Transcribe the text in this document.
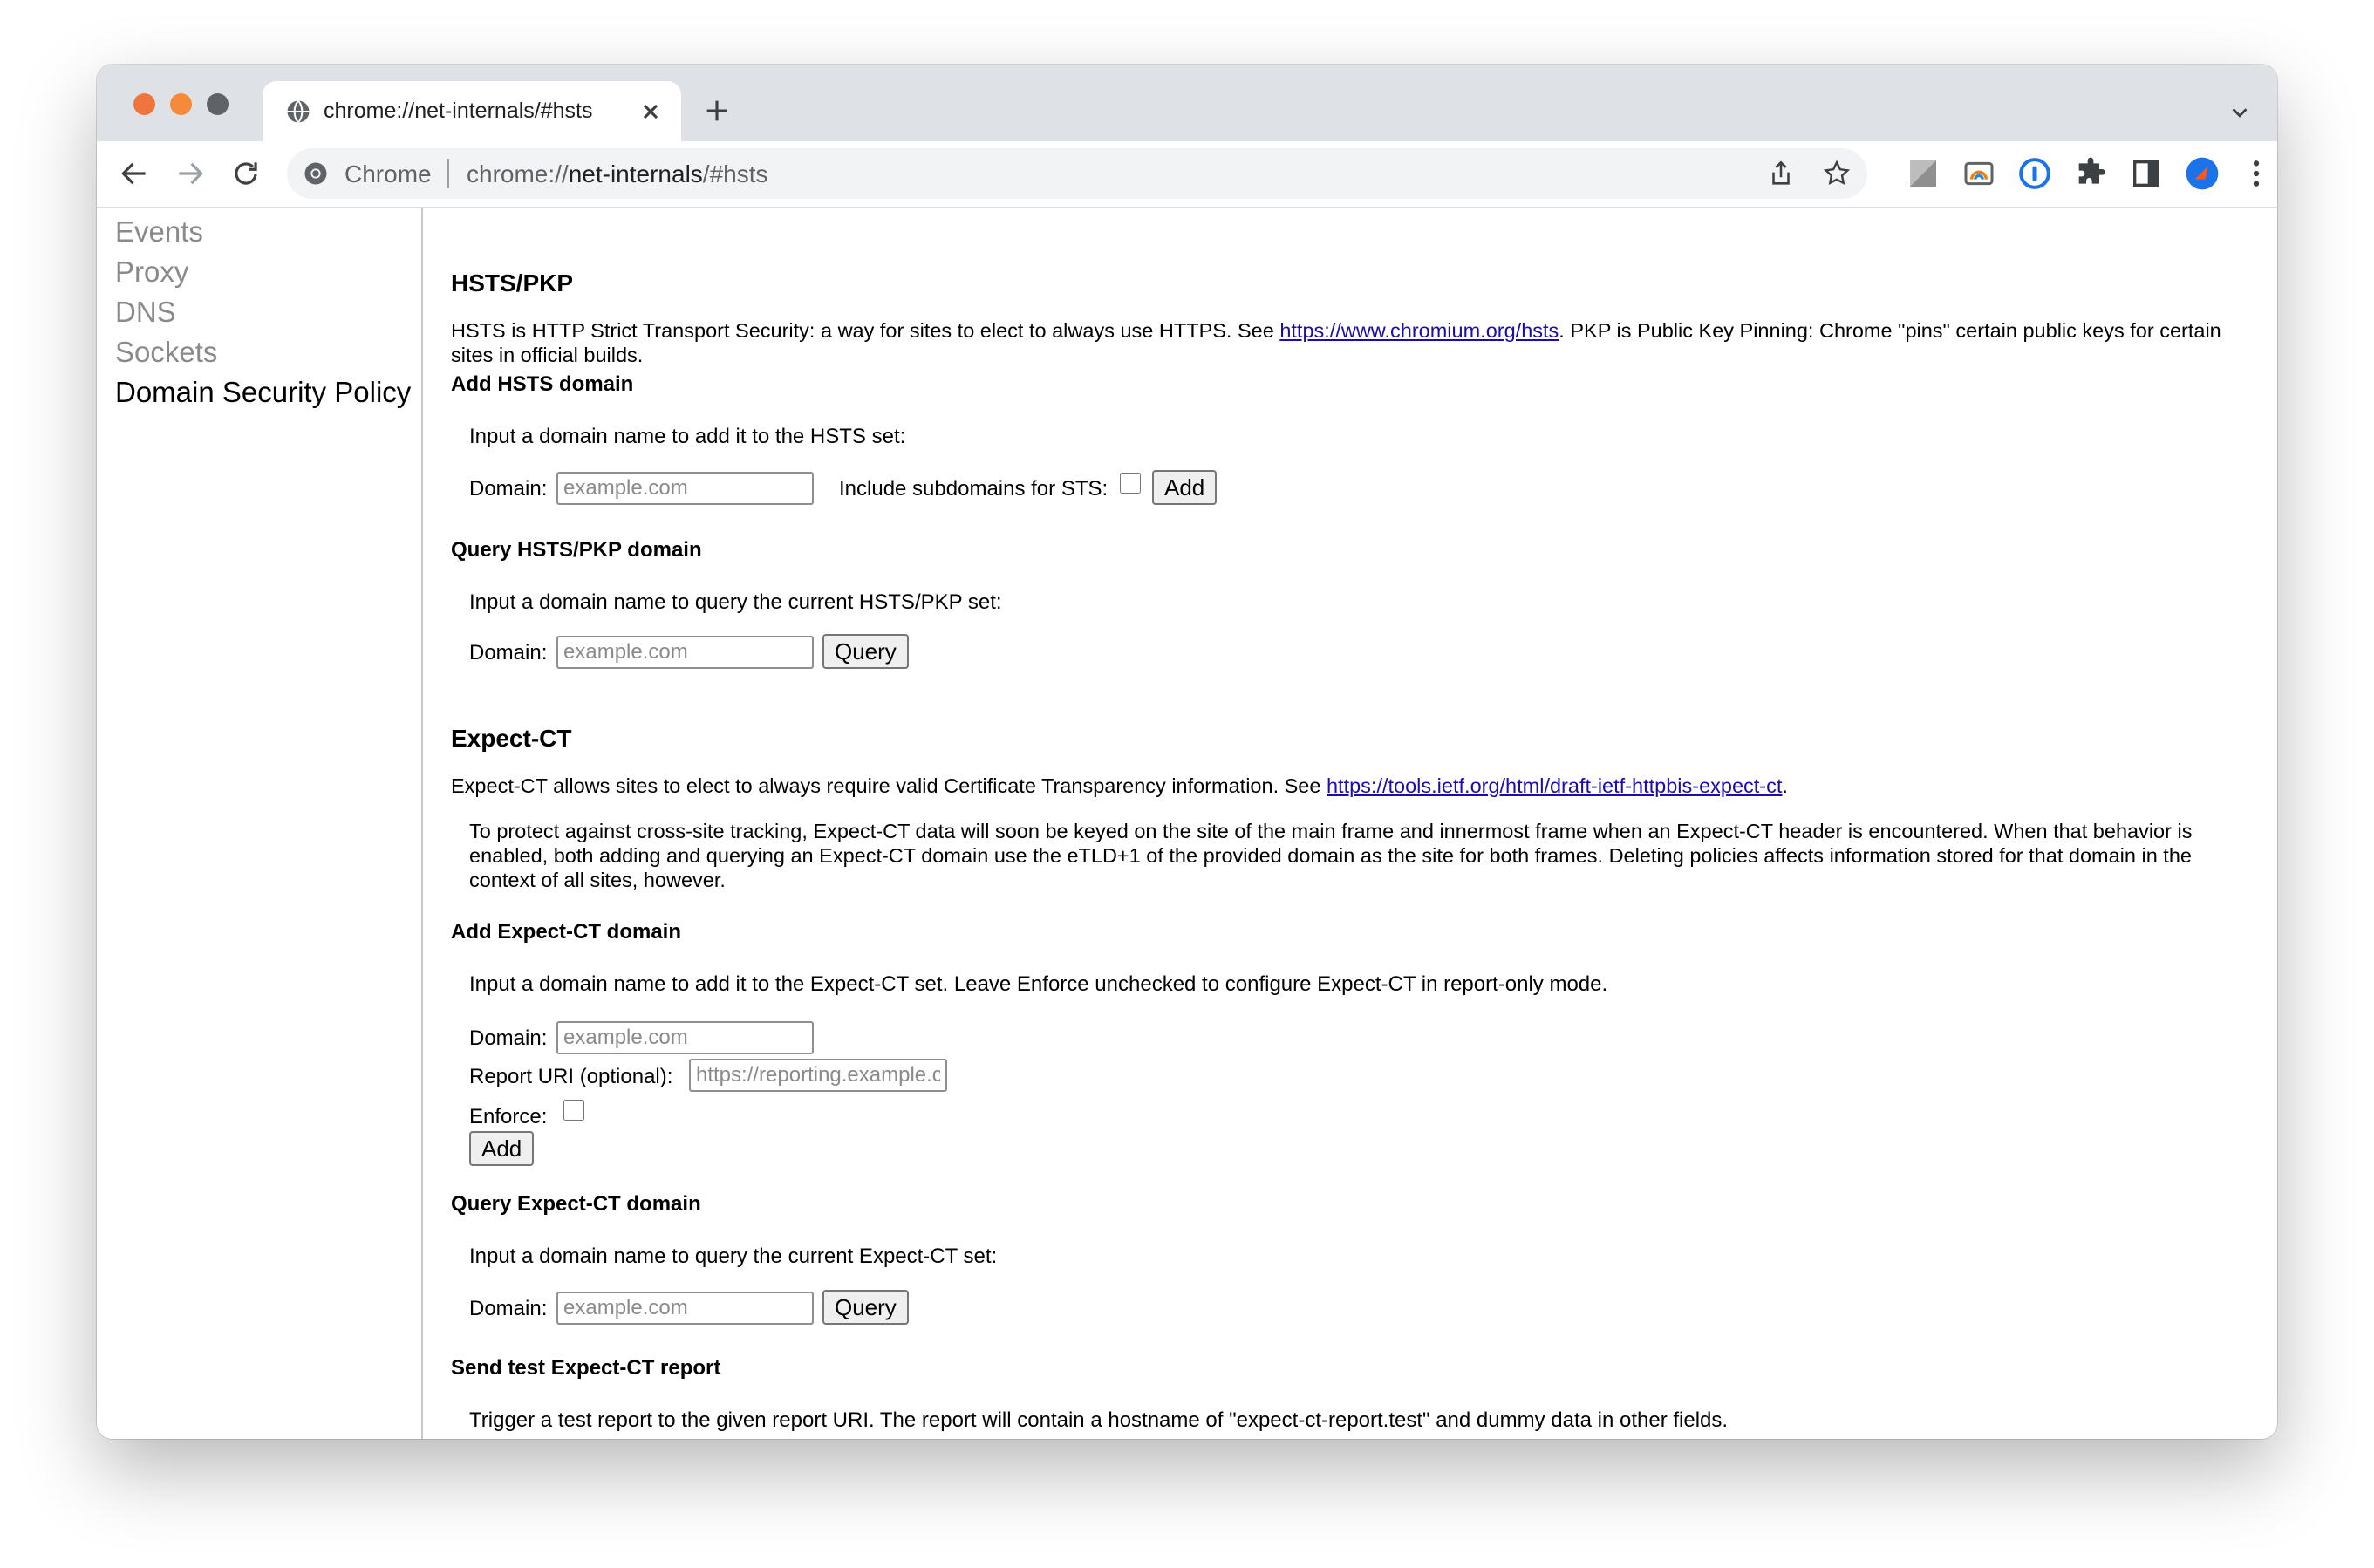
chrome://net-internals/#hsts
Chrome chrome://net-internals/#hsts
Events
Proxy
DNS
Sockets
Domain Security Policy
HSTS/PKP
HSTS is HTTP Strict Transport Security: a way for sites to elect to always use HTTPS. See https://www.chromium.org/hsts. PKP is Public Key Pinning: Chrome "pins" certain public keys for certain sites in official builds.
Add HSTS domain
Input a domain name to add it to the HSTS set:
Domain:
example.com	Include subdomains for STS:	Add
Query HSTS/PKP domain
Input a domain name to query the current HSTS/PKP set:
Domain:
example.com	Query
Expect-CT
Expect-CT allows sites to elect to always require valid Certificate Transparency information. See https://tools.ietf.org/html/draft-ietf-httpbis-expect-ct.
To protect against cross-site tracking, Expect-CT data will soon be keyed on the site of the main frame and innermost frame when an Expect-CT header is encountered. When that behavior is enabled, both adding and querying an Expect-CT domain use the eTLD+1 of the provided domain as the site for both frames. Deleting policies affects information stored for that domain in the context of all sites, however.
Add Expect-CT domain
Input a domain name to add it to the Expect-CT set. Leave Enforce unchecked to configure Expect-CT in report-only mode.
Domain:
example.com
Report URI (optional):
https://reporting.example.com
Enforce:
Add
Query Expect-CT domain
Input a domain name to query the current Expect-CT set:
Domain:
example.com	Query
Send test Expect-CT report
Trigger a test report to the given report URI. The report will contain a hostname of "expect-ct-report.test" and dummy data in other fields.
